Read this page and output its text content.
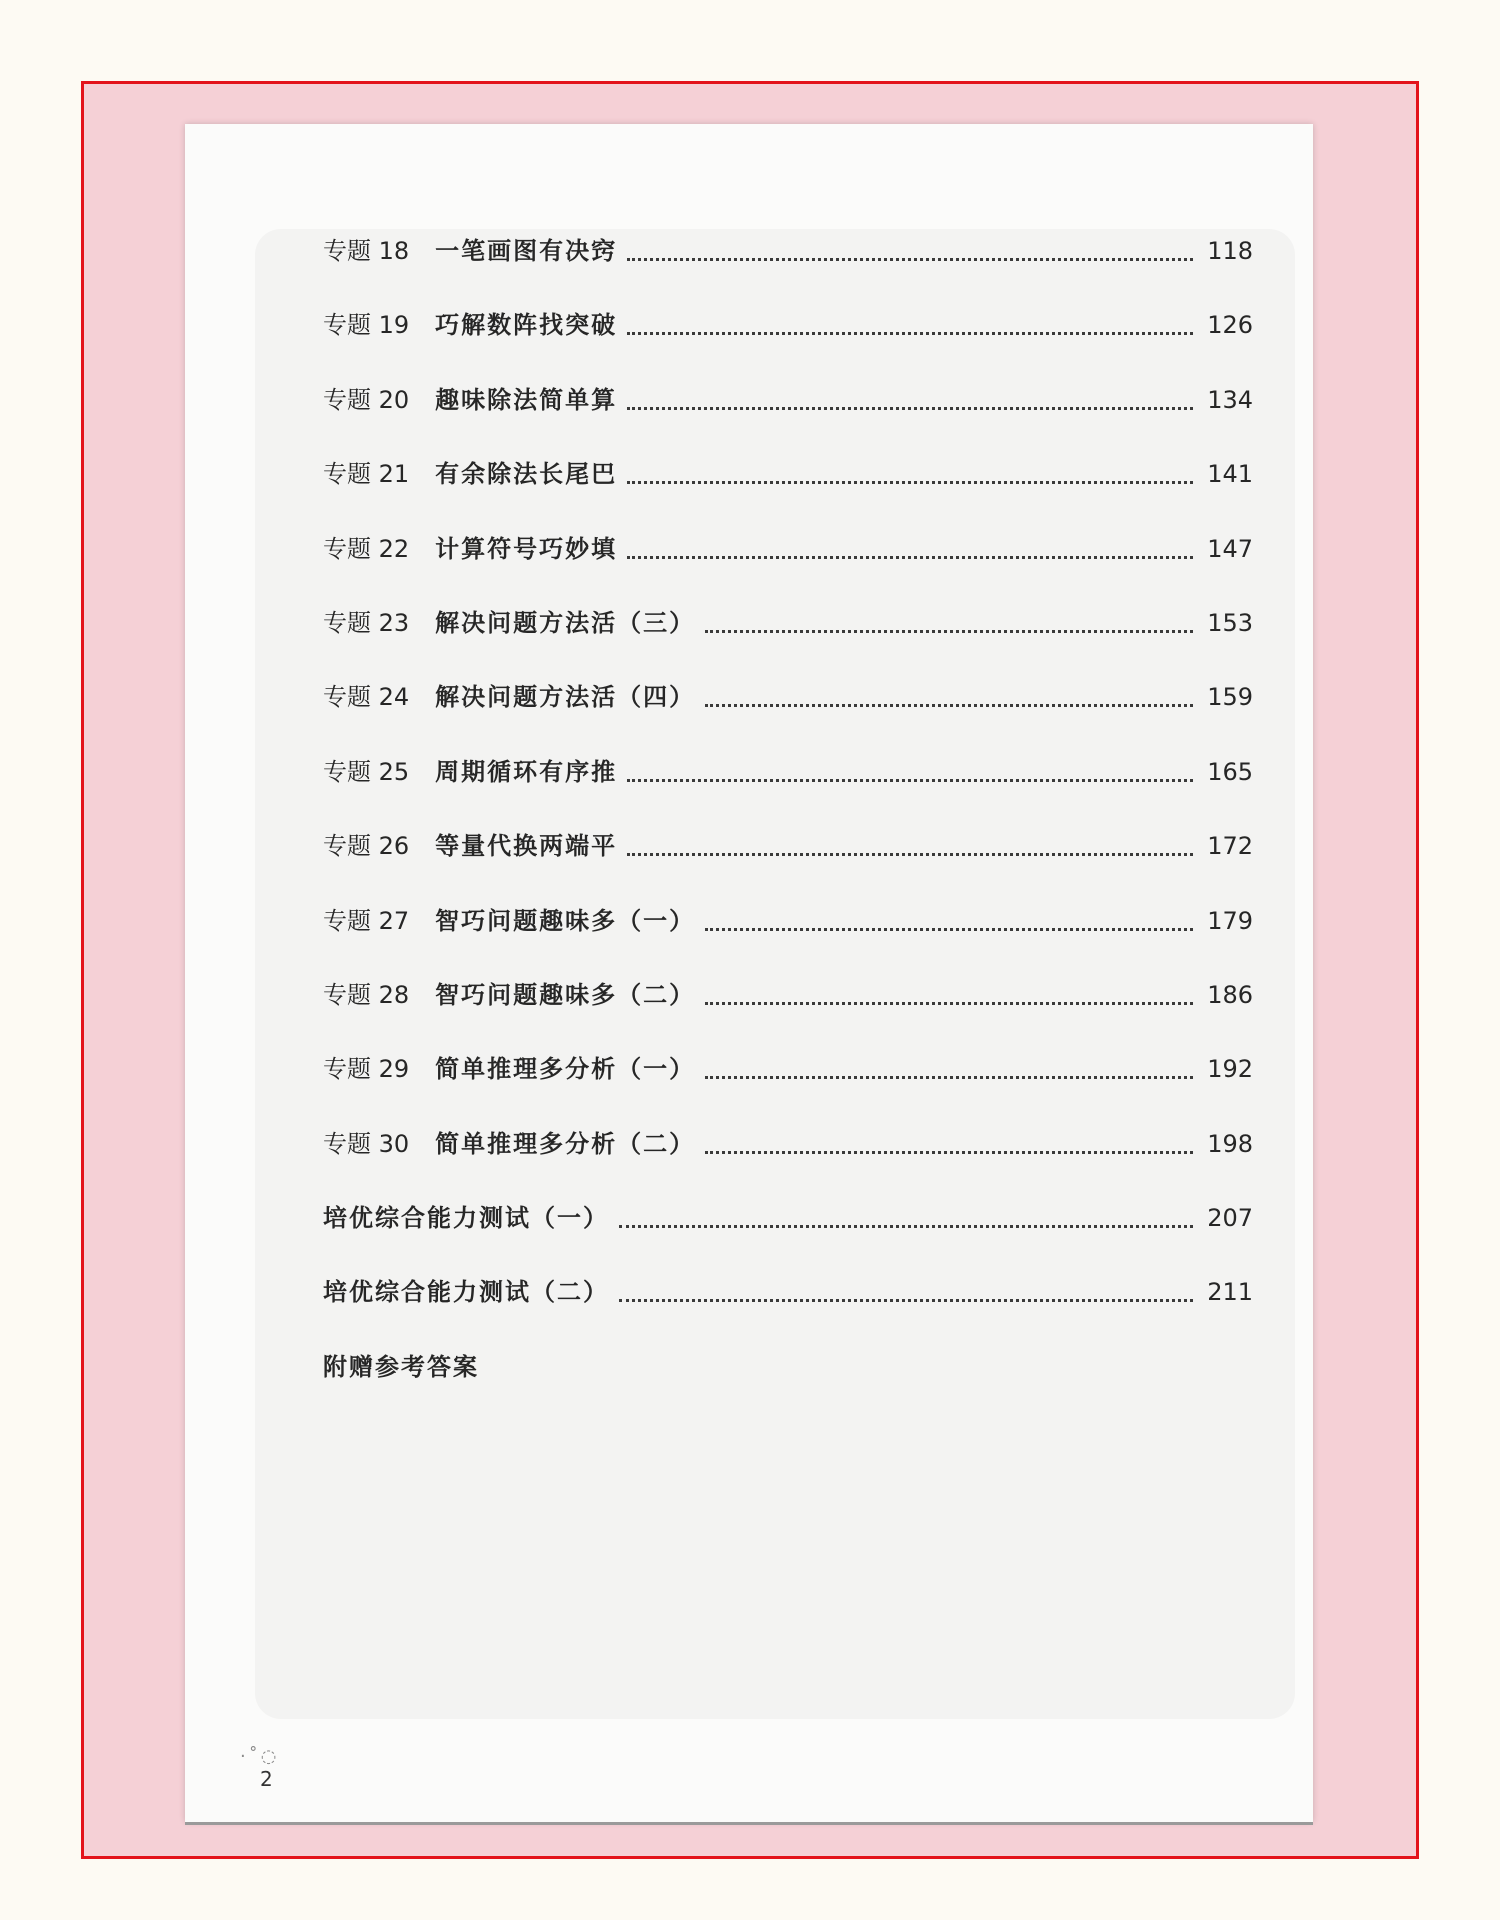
专题 18 一笔画图有决窍	118
专题 19 巧解数阵找突破	126
专题 20 趣味除法简单算	134
专题 21 有余除法长尾巴	141
专题 22 计算符号巧妙填	147
专题 23 解决问题方法活（三）	153
专题 24 解决问题方法活（四）	159
专题 25 周期循环有序推	165
专题 26 等量代换两端平	172
专题 27 智巧问题趣味多（一）	179
专题 28 智巧问题趣味多（二）	186
专题 29 简单推理多分析（一）	192
专题 30 简单推理多分析（二）	198
培优综合能力测试（一）	207
培优综合能力测试（二）	211
附赠参考答案
·˚◌
2
